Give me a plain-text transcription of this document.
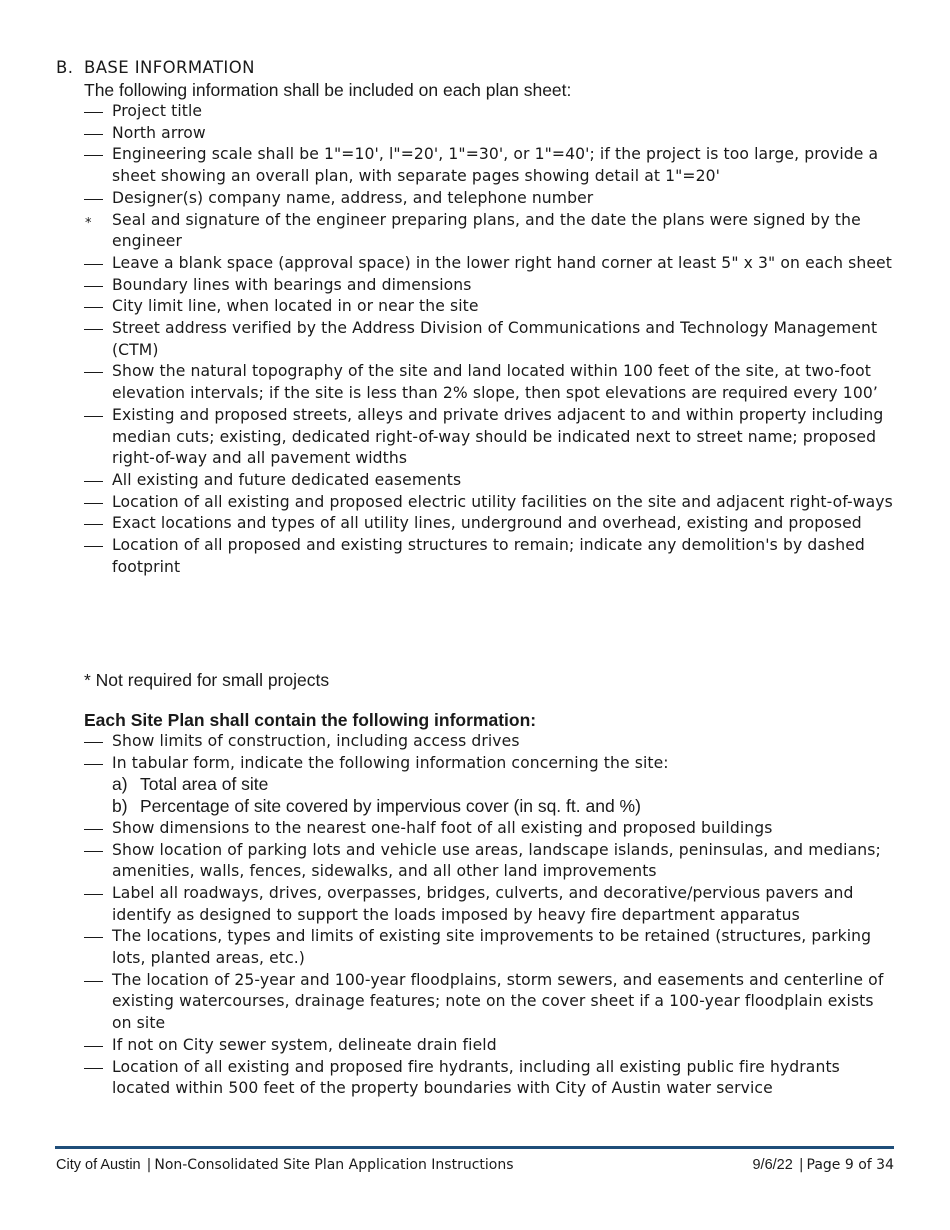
B. BASE INFORMATION
The following information shall be included on each plan sheet:
Project title
North arrow
Engineering scale shall be 1"=10', l"=20', 1"=30', or 1"=40'; if the project is too large, provide a sheet showing an overall plan, with separate pages showing detail at 1"=20'
Designer(s) company name, address, and telephone number
*	Seal and signature of the engineer preparing plans, and the date the plans were signed by the engineer
Leave a blank space (approval space) in the lower right hand corner at least 5" x 3" on each sheet
Boundary lines with bearings and dimensions
City limit line, when located in or near the site
Street address verified by the Address Division of Communications and Technology Management (CTM)
Show the natural topography of the site and land located within 100 feet of the site, at two-foot elevation intervals; if the site is less than 2% slope, then spot elevations are required every 100’
Existing and proposed streets, alleys and private drives adjacent to and within property including median cuts; existing, dedicated right-of-way should be indicated next to street name; proposed right-of-way and all pavement widths
All existing and future dedicated easements
Location of all existing and proposed electric utility facilities on the site and adjacent right-of-ways
Exact locations and types of all utility lines, underground and overhead, existing and proposed
Location of all proposed and existing structures to remain; indicate any demolition's by dashed footprint
* Not required for small projects
Each Site Plan shall contain the following information:
Show limits of construction, including access drives
In tabular form, indicate the following information concerning the site:
a) Total area of site
b) Percentage of site covered by impervious cover (in sq. ft. and %)
Show dimensions to the nearest one-half foot of all existing and proposed buildings
Show location of parking lots and vehicle use areas, landscape islands, peninsulas, and medians; amenities, walls, fences, sidewalks, and all other land improvements
Label all roadways, drives, overpasses, bridges, culverts, and decorative/pervious pavers and identify as designed to support the loads imposed by heavy fire department apparatus
The locations, types and limits of existing site improvements to be retained (structures, parking lots, planted areas, etc.)
The location of 25-year and 100-year floodplains, storm sewers, and easements and centerline of existing watercourses, drainage features; note on the cover sheet if a 100-year floodplain exists on site
If not on City sewer system, delineate drain field
Location of all existing and proposed fire hydrants, including all existing public fire hydrants located within 500 feet of the property boundaries with City of Austin water service
City of Austin | Non-Consolidated Site Plan Application Instructions	9/6/22 | Page 9 of 34
